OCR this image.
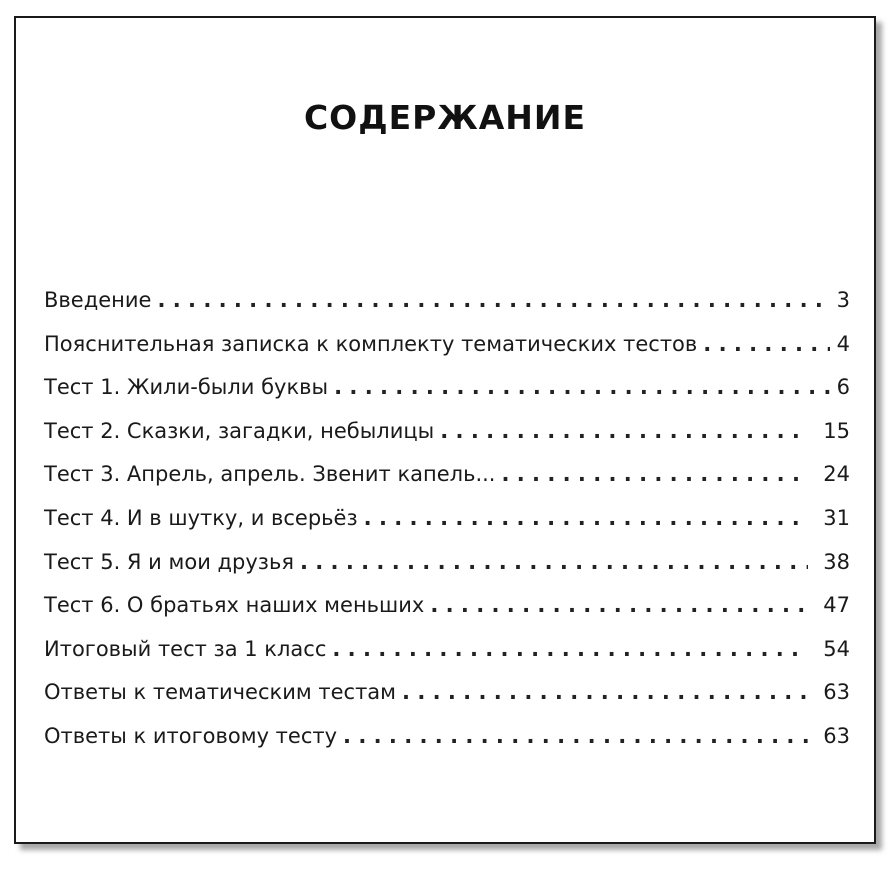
СОДЕРЖАНИЕ
Введение . . .	3
Пояснительная записка к комплекту тематических тестов . . .	4
Тест 1. Жили-были буквы . . .	6
Тест 2. Сказки, загадки, небылицы . . .	15
Тест 3. Апрель, апрель. Звенит капель... . . .	24
Тест 4. И в шутку, и всерьёз . . .	31
Тест 5. Я и мои друзья . . .	38
Тест 6. О братьях наших меньших . . .	47
Итоговый тест за 1 класс . . .	54
Ответы к тематическим тестам . . .	63
Ответы к итоговому тесту . . .	63
